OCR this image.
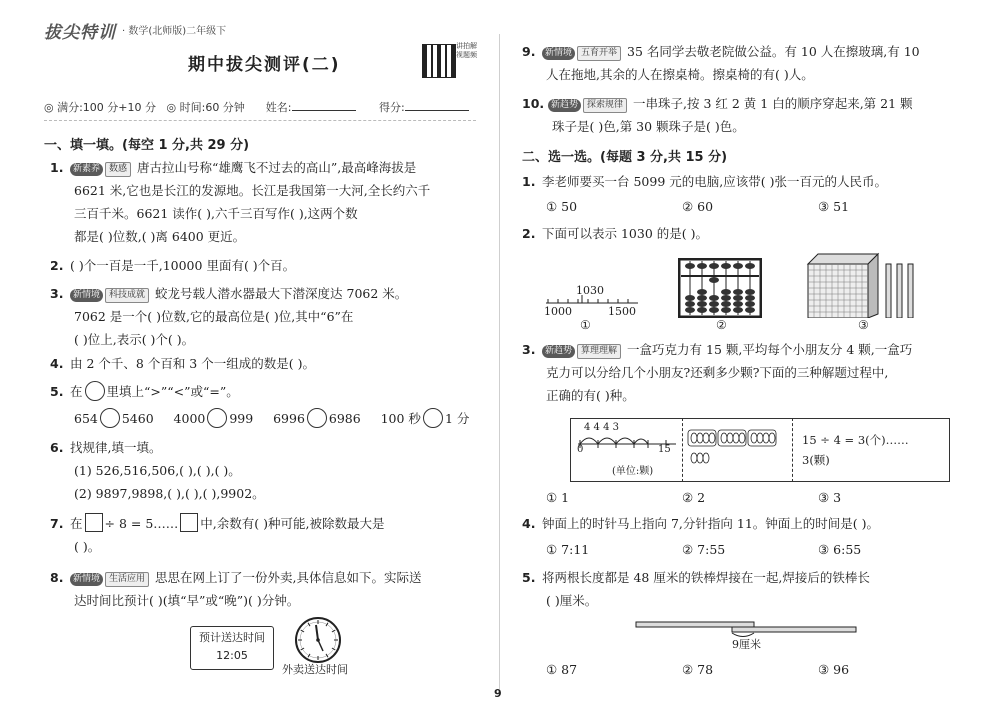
拔尖特训 · 数学(北师版)二年级下
期中拔尖测评(二)
讲拍解视题频
◎ 满分:100 分+10 分 ◎ 时间:60 分钟 姓名:	得分:
一、填一填。(每空 1 分,共 29 分)
1. 新素养 数感 唐古拉山号称“雄鹰飞不过去的高山”,最高峰海拔是
6621 米,它也是长江的发源地。长江是我国第一大河,全长约六千
三百千米。6621 读作( ),六千三百写作( ),这两个数
都是( )位数,( )离 6400 更近。
2. ( )个一百是一千,10000 里面有( )个百。
3. 新情境 科技成就 蛟龙号载人潜水器最大下潜深度达 7062 米。
7062 是一个( )位数,它的最高位是( )位,其中“6”在
( )位上,表示( )个( )。
4. 由 2 个千、8 个百和 3 个一组成的数是( )。
5. 在 里填上“>”“<”或“=”。
654 5460 4000 999 6996 6986 100 秒 1 分
6. 找规律,填一填。
(1) 526,516,506,( ),( ),( )。
(2) 9897,9898,( ),( ),( ),9902。
7. 在 ÷ 8 = 5…… 中,余数有( )种可能,被除数最大是
( )。
8. 新情境 生活应用 思思在网上订了一份外卖,具体信息如下。实际送
达时间比预计( )(填“早”或“晚”)( )分钟。
预计送达时间
12:05
外卖送达时间
9. 新情境 五育开举 35 名同学去敬老院做公益。有 10 人在擦玻璃,有 10
人在拖地,其余的人在擦桌椅。擦桌椅的有( )人。
10. 新趋势 探索规律 一串珠子,按 3 红 2 黄 1 白的顺序穿起来,第 21 颗
珠子是( )色,第 30 颗珠子是( )色。
二、选一选。(每题 3 分,共 15 分)
1. 李老师要买一台 5099 元的电脑,应该带( )张一百元的人民币。
① 50	② 60	③ 51
2. 下面可以表示 1030 的是( )。
1030
1000	1500
①	②	③
3. 新趋势 算理理解 一盒巧克力有 15 颗,平均每个小朋友分 4 颗,一盒巧
克力可以分给几个小朋友?还剩多少颗?下面的三种解题过程中,
正确的有( )种。
4 4 4 3
0	15
(单位:颗)
15 ÷ 4 = 3(个)……
3(颗)
① 1	② 2	③ 3
4. 钟面上的时针马上指向 7,分针指向 11。钟面上的时间是( )。
① 7:11	② 7:55	③ 6:55
5. 将两根长度都是 48 厘米的铁棒焊接在一起,焊接后的铁棒长
( )厘米。
9厘米
① 87	② 78	③ 96
9
